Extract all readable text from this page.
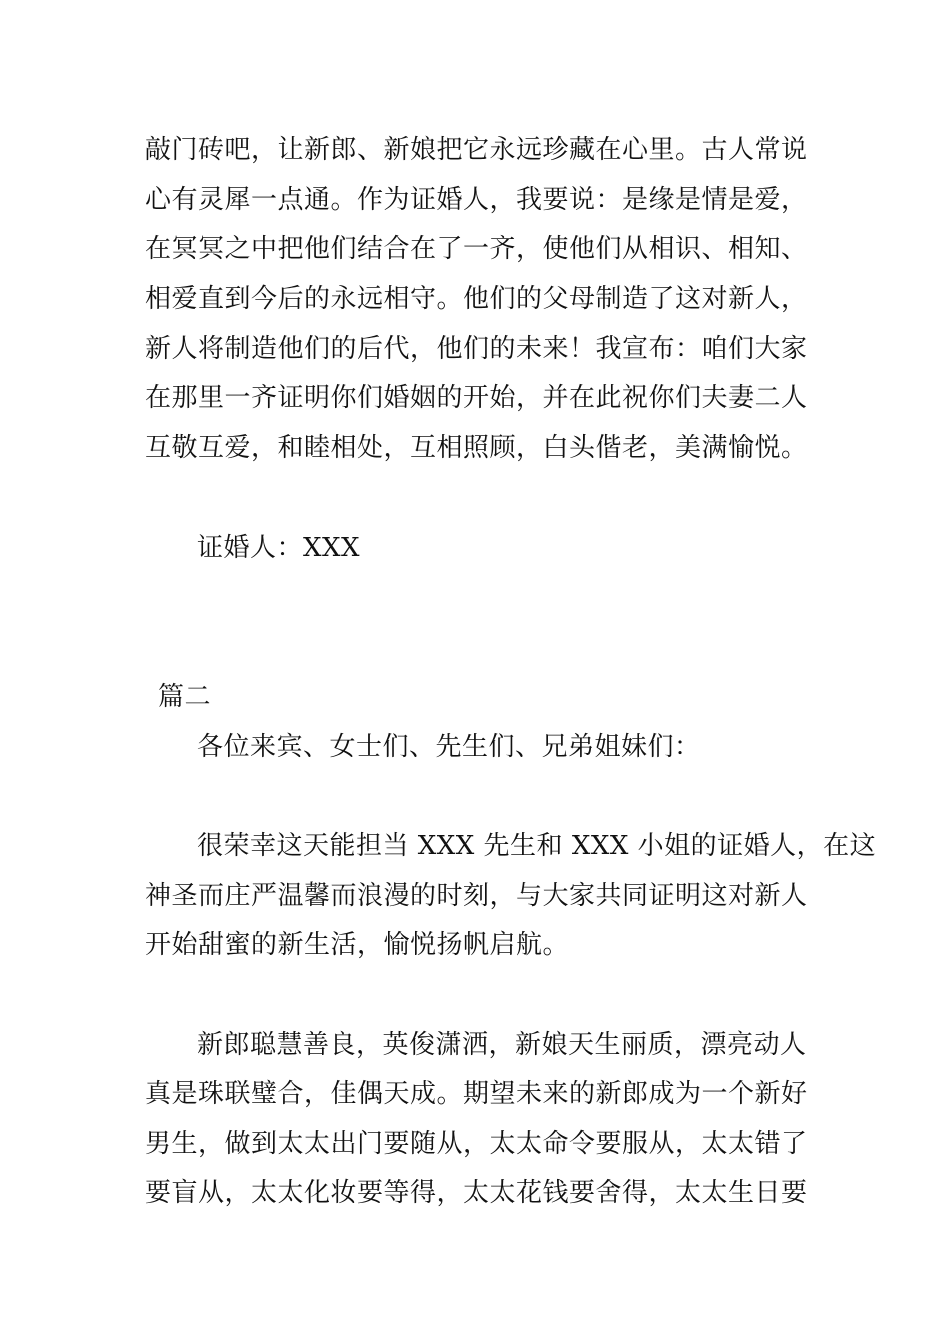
敲门砖吧，让新郎、新娘把它永远珍藏在心里。古人常说
心有灵犀一点通。作为证婚人，我要说：是缘是情是爱，
在冥冥之中把他们结合在了一齐，使他们从相识、相知、
相爱直到今后的永远相守。他们的父母制造了这对新人，
新人将制造他们的后代，他们的未来！我宣布：咱们大家
在那里一齐证明你们婚姻的开始，并在此祝你们夫妻二人
互敬互爱，和睦相处，互相照顾，白头偕老，美满愉悦。
证婚人：XXX
篇二
各位来宾、女士们、先生们、兄弟姐妹们：
很荣幸这天能担当 XXX 先生和 XXX 小姐的证婚人，在这
神圣而庄严温馨而浪漫的时刻，与大家共同证明这对新人
开始甜蜜的新生活，愉悦扬帆启航。
新郎聪慧善良，英俊潇洒，新娘天生丽质，漂亮动人
真是珠联璧合，佳偶天成。期望未来的新郎成为一个新好
男生，做到太太出门要随从，太太命令要服从，太太错了
要盲从，太太化妆要等得，太太花钱要舍得，太太生日要
